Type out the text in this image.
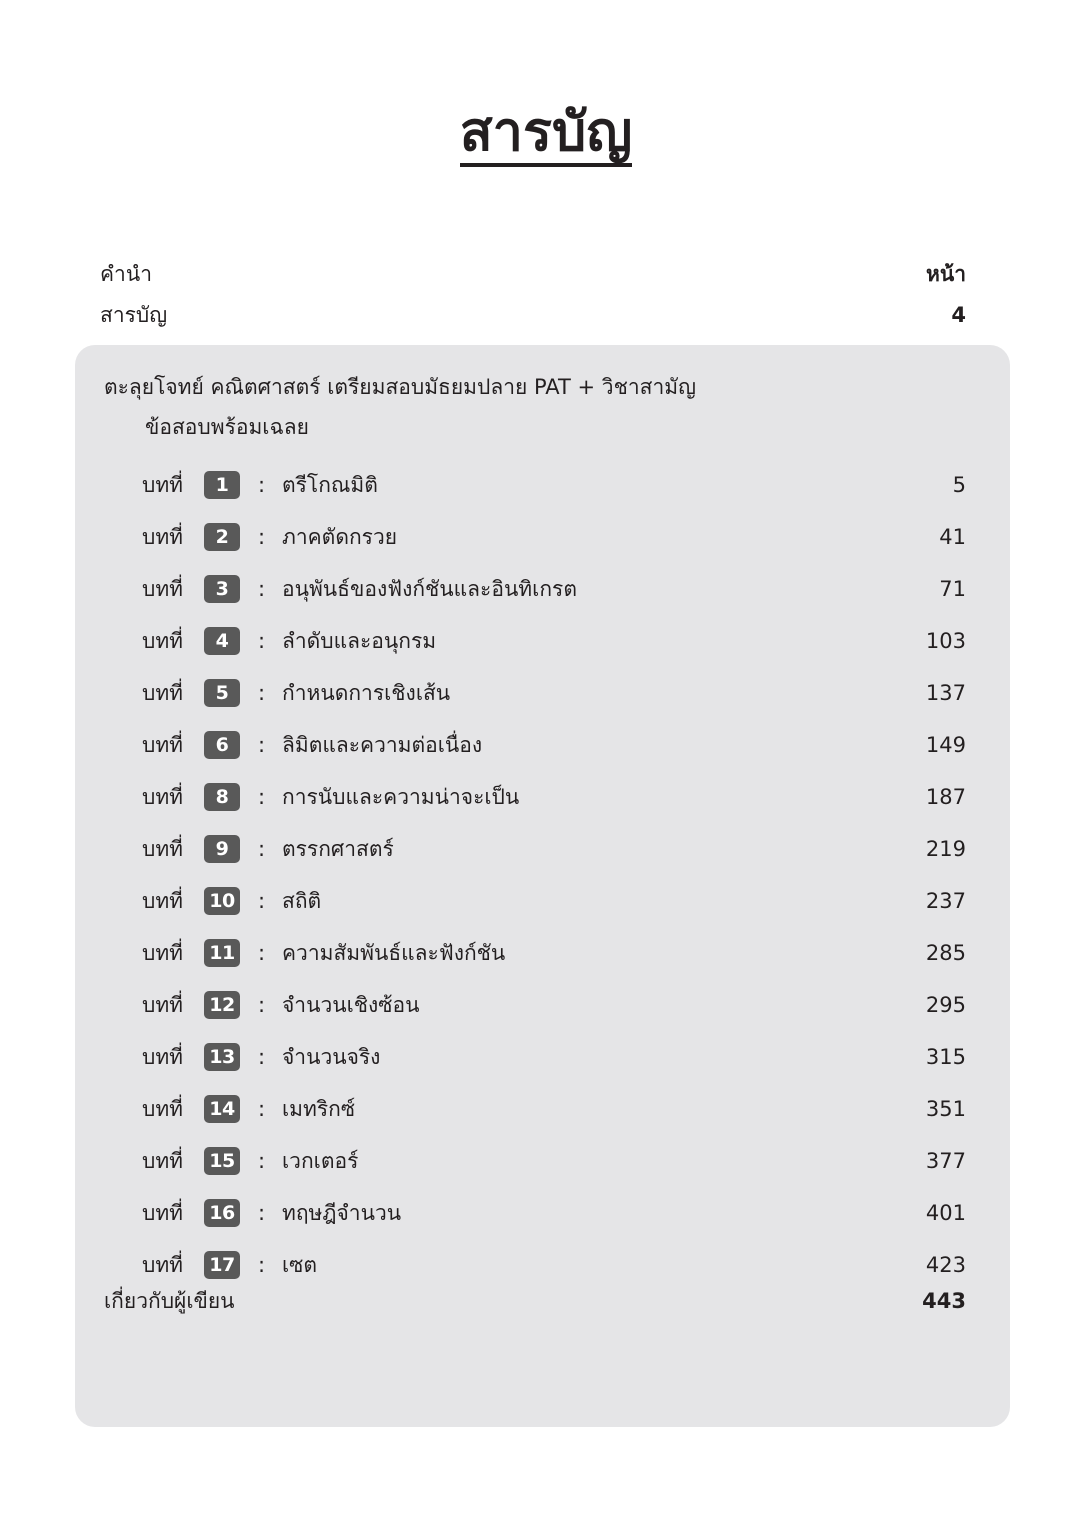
สารบัญ
คำนำ	หน้า
สารบัญ	4
ตะลุยโจทย์ คณิตศาสตร์ เตรียมสอบมัธยมปลาย PAT + วิชาสามัญ
ข้อสอบพร้อมเฉลย
บทที่	1	: ตรีโกณมิติ	5
บทที่	2	: ภาคตัดกรวย	41
บทที่	3	: อนุพันธ์ของฟังก์ชันและอินทิเกรต	71
บทที่	4	: ลำดับและอนุกรม	103
บทที่	5	: กำหนดการเชิงเส้น	137
บทที่	6	: ลิมิตและความต่อเนื่อง	149
บทที่	8	: การนับและความน่าจะเป็น	187
บทที่	9	: ตรรกศาสตร์	219
บทที่	10 : สถิติ	237
บทที่	11 : ความสัมพันธ์และฟังก์ชัน	285
บทที่	12 : จำนวนเชิงซ้อน	295
บทที่	13 : จำนวนจริง	315
บทที่	14 : เมทริกซ์	351
บทที่	15 : เวกเตอร์	377
บทที่	16 : ทฤษฎีจำนวน	401
บทที่	17 : เซต	423
เกี่ยวกับผู้เขียน	443
